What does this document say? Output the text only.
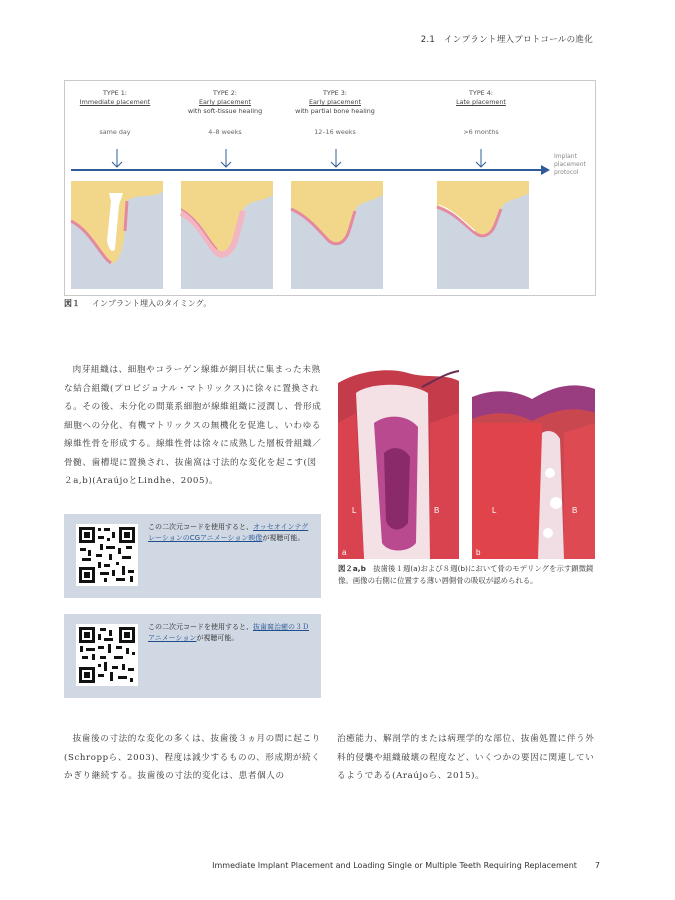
2.1　インプラント埋入プロトコールの進化
TYPE 1:
Immediate placement

same day
TYPE 2:
Early placement
with soft-tissue healing
4–8 weeks
TYPE 3:
Early placement
with partial bone healing
12–16 weeks
TYPE 4:
Late placement

>6 months
Implant
placement
protocol
図１ インプラント埋入のタイミング。

肉芽組織は、細胞やコラーゲン線維が網目状に集まった未熟な結合組織(プロビジョナル・マトリックス)に徐々に置換される。その後、未分化の間葉系細胞が線維組織に浸潤し、骨形成細胞への分化、有機マトリックスの無機化を促進し、いわゆる線維性骨を形成する。線維性骨は徐々に成熟した層板骨組織／骨髄、歯槽堤に置換され、抜歯窩は寸法的な変化を起こす(図２a,b)(AraújoとLindhe、2005)。

この二次元コードを使用すると、オッセオインテグレーションのCGアニメーション映像が視聴可能。
この二次元コードを使用すると、抜歯窩治癒の３Ｄアニメーションが視聴可能。
L	B
a
L	B
b
図２a,b　抜歯後１週(a)および８週(b)において骨のモデリングを示す顕微鏡像。画像の右側に位置する薄い唇側骨の吸収が認められる。

抜歯後の寸法的な変化の多くは、抜歯後３ヵ月の間に起こり(Schroppら、2003)、程度は減少するものの、形成期が続くかぎり継続する。抜歯後の寸法的変化は、患者個人の

治癒能力、解剖学的または病理学的な部位、抜歯処置に伴う外科的侵襲や組織破壊の程度など、いくつかの要因に関連しているようである(Araújoら、2015)。

Immediate Implant Placement and Loading Single or Multiple Teeth Requiring Replacement 7
